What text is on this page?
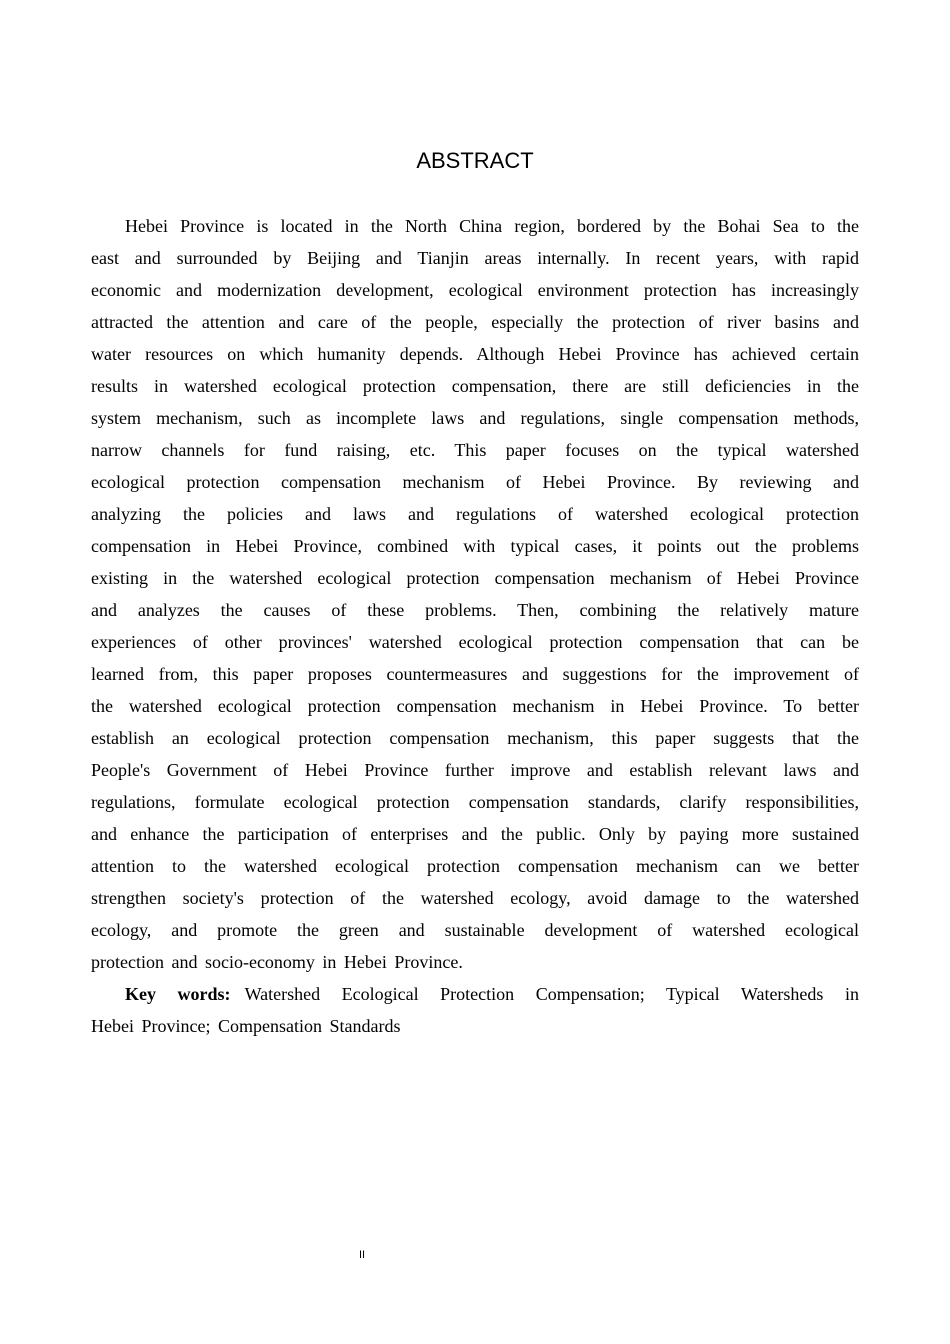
ABSTRACT
Hebei Province is located in the North China region, bordered by the Bohai Sea to the
east and surrounded by Beijing and Tianjin areas internally. In recent years, with rapid
economic and modernization development, ecological environment protection has increasingly
attracted the attention and care of the people, especially the protection of river basins and
water resources on which humanity depends. Although Hebei Province has achieved certain
results in watershed ecological protection compensation, there are still deficiencies in the
system mechanism, such as incomplete laws and regulations, single compensation methods,
narrow channels for fund raising, etc. This paper focuses on the typical watershed
ecological protection compensation mechanism of Hebei Province. By reviewing and
analyzing the policies and laws and regulations of watershed ecological protection
compensation in Hebei Province, combined with typical cases, it points out the problems
existing in the watershed ecological protection compensation mechanism of Hebei Province
and analyzes the causes of these problems. Then, combining the relatively mature
experiences of other provinces' watershed ecological protection compensation that can be
learned from, this paper proposes countermeasures and suggestions for the improvement of
the watershed ecological protection compensation mechanism in Hebei Province. To better
establish an ecological protection compensation mechanism, this paper suggests that the
People's Government of Hebei Province further improve and establish relevant laws and
regulations, formulate ecological protection compensation standards, clarify responsibilities,
and enhance the participation of enterprises and the public. Only by paying more sustained
attention to the watershed ecological protection compensation mechanism can we better
strengthen society's protection of the watershed ecology, avoid damage to the watershed
ecology, and promote the green and sustainable development of watershed ecological
protection and socio-economy in Hebei Province.
Key words: Watershed Ecological Protection Compensation; Typical Watersheds in
Hebei Province; Compensation Standards
II
